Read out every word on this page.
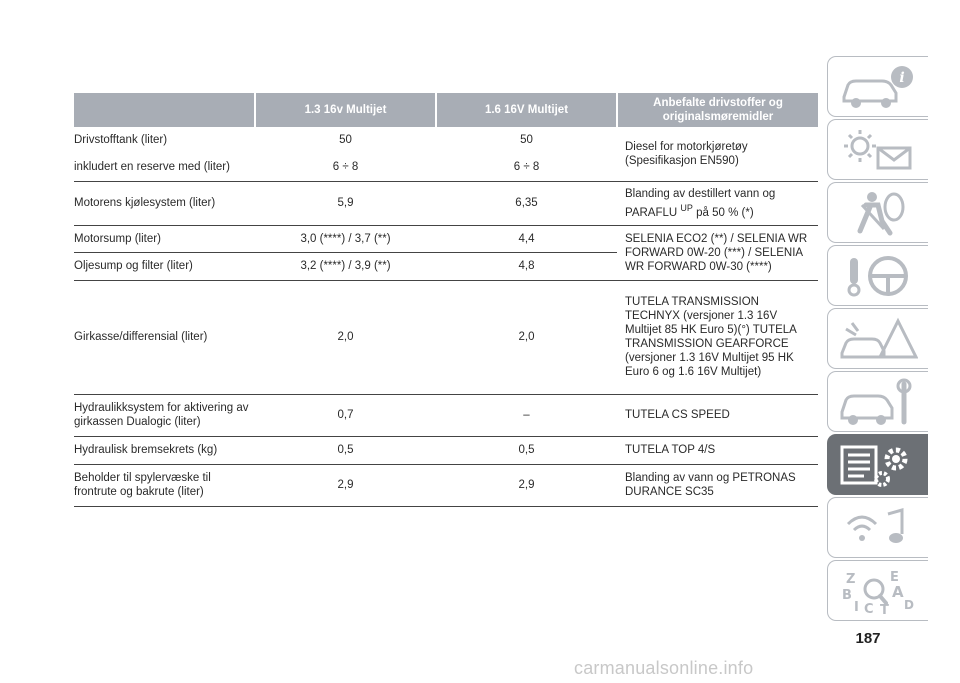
	1.3 16v Multijet	1.6 16V Multijet	Anbefalte drivstoffer og originalsmøremidler
Drivstofftank (liter)	50	50	Diesel for motorkjøretøy (Spesifikasjon EN590)
inkludert en reserve med (liter)	6 ÷ 8	6 ÷ 8	
Motorens kjølesystem (liter)	5,9	6,35	Blanding av destillert vann og PARAFLU $^{UP}$ på 50 % (*)
Motorsump (liter)	3,0 (****) / 3,7 (**)	4,4	SELENIA ECO2 (**) / SELENIA WR FORWARD 0W-20 (***) / SELENIA WR FORWARD 0W-30 (****)
Oljesump og filter (liter)	3,2 (****) / 3,9 (**)	4,8	
Girkasse/differensial (liter)	2,0	2,0	TUTELA TRANSMISSION TECHNYX (versjoner 1.3 16V Multijet 85 HK Euro 5)(°) TUTELA TRANSMISSION GEARFORCE (versjoner 1.3 16V Multijet 95 HK Euro 6 og 1.6 16V Multijet)
Hydraulikksystem for aktivering av girkassen Dualogic (liter)	0,7	–	TUTELA CS SPEED
Hydraulisk bremsekrets (kg)	0,5	0,5	TUTELA TOP 4/S
Beholder til spylervæske til frontrute og bakrute (liter)	2,9	2,9	Blanding av vann og PETRONAS DURANCE SC35
i
Z	E
B	A
I C T D
187
carmanualsonline.info
